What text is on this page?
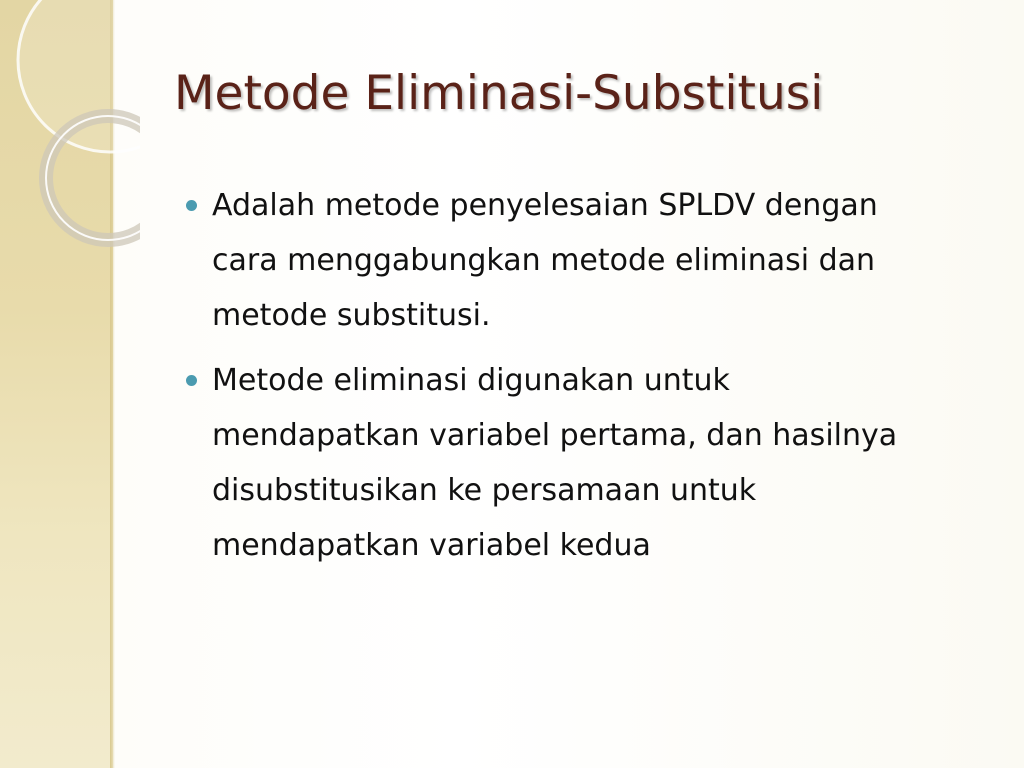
Metode Eliminasi-Substitusi
Adalah metode penyelesaian SPLDV dengan cara menggabungkan metode eliminasi dan metode substitusi.
Metode eliminasi digunakan untuk mendapatkan variabel pertama, dan hasilnya disubstitusikan ke persamaan untuk mendapatkan variabel kedua
